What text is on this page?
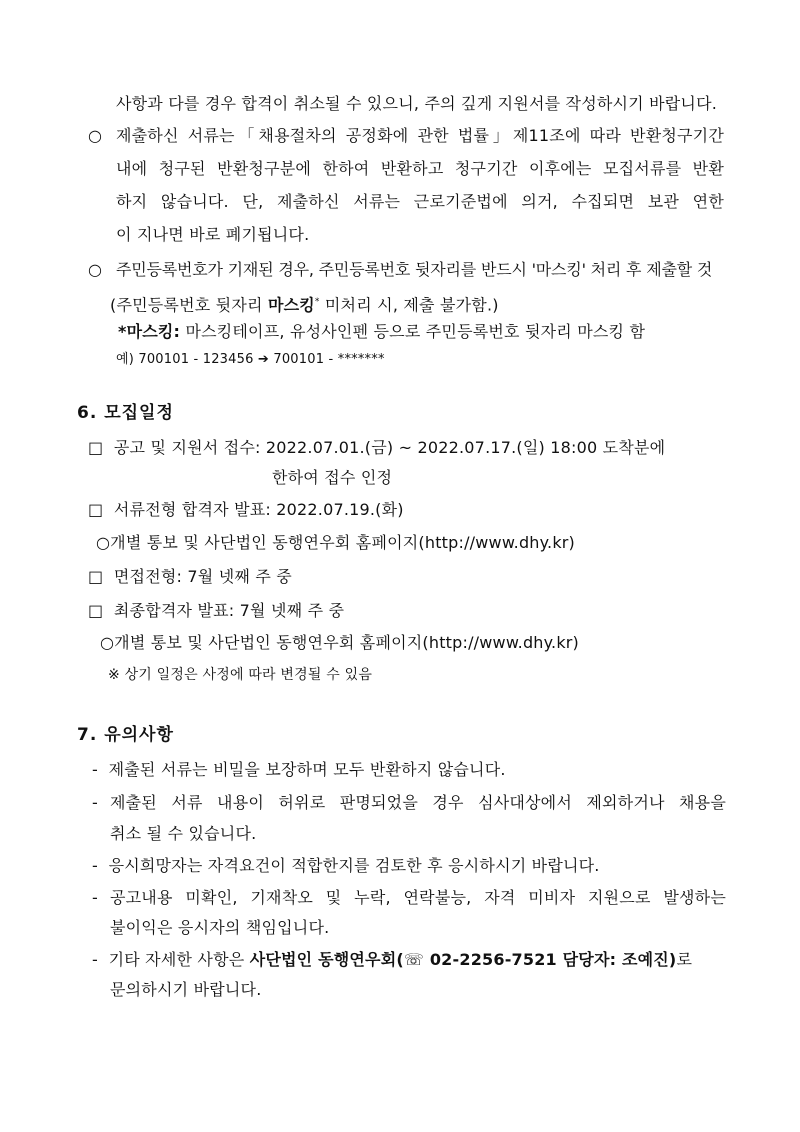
사항과 다를 경우 합격이 취소될 수 있으니, 주의 깊게 지원서를 작성하시기 바랍니다.
○ 제출하신 서류는「채용절차의 공정화에 관한 법률」제11조에 따라 반환청구기간
내에 청구된 반환청구분에 한하여 반환하고 청구기간 이후에는 모집서류를 반환
하지 않습니다. 단, 제출하신 서류는 근로기준법에 의거, 수집되면 보관 연한
이 지나면 바로 폐기됩니다.
○ 주민등록번호가 기재된 경우, 주민등록번호 뒷자리를 반드시 '마스킹' 처리 후 제출할 것
(주민등록번호 뒷자리 마스킹* 미처리 시, 제출 불가함.)
*마스킹: 마스킹테이프, 유성사인펜 등으로 주민등록번호 뒷자리 마스킹 함
예) 700101 - 123456 ➔ 700101 - *******
6. 모집일정
□ 공고 및 지원서 접수: 2022.07.01.(금) ~ 2022.07.17.(일) 18:00 도착분에
한하여 접수 인정
□ 서류전형 합격자 발표: 2022.07.19.(화)
○개별 통보 및 사단법인 동행연우회 홈페이지(http://www.dhy.kr)
□ 면접전형: 7월 넷째 주 중
□ 최종합격자 발표: 7월 넷째 주 중
○개별 통보 및 사단법인 동행연우회 홈페이지(http://www.dhy.kr)
※ 상기 일정은 사정에 따라 변경될 수 있음
7. 유의사항
- 제출된 서류는 비밀을 보장하며 모두 반환하지 않습니다.
- 제출된 서류 내용이 허위로 판명되었을 경우 심사대상에서 제외하거나 채용을
취소 될 수 있습니다.
- 응시희망자는 자격요건이 적합한지를 검토한 후 응시하시기 바랍니다.
- 공고내용 미확인, 기재착오 및 누락, 연락불능, 자격 미비자 지원으로 발생하는
불이익은 응시자의 책임입니다.
- 기타 자세한 사항은 사단법인 동행연우회(☏ 02-2256-7521 담당자: 조예진)로
문의하시기 바랍니다.
